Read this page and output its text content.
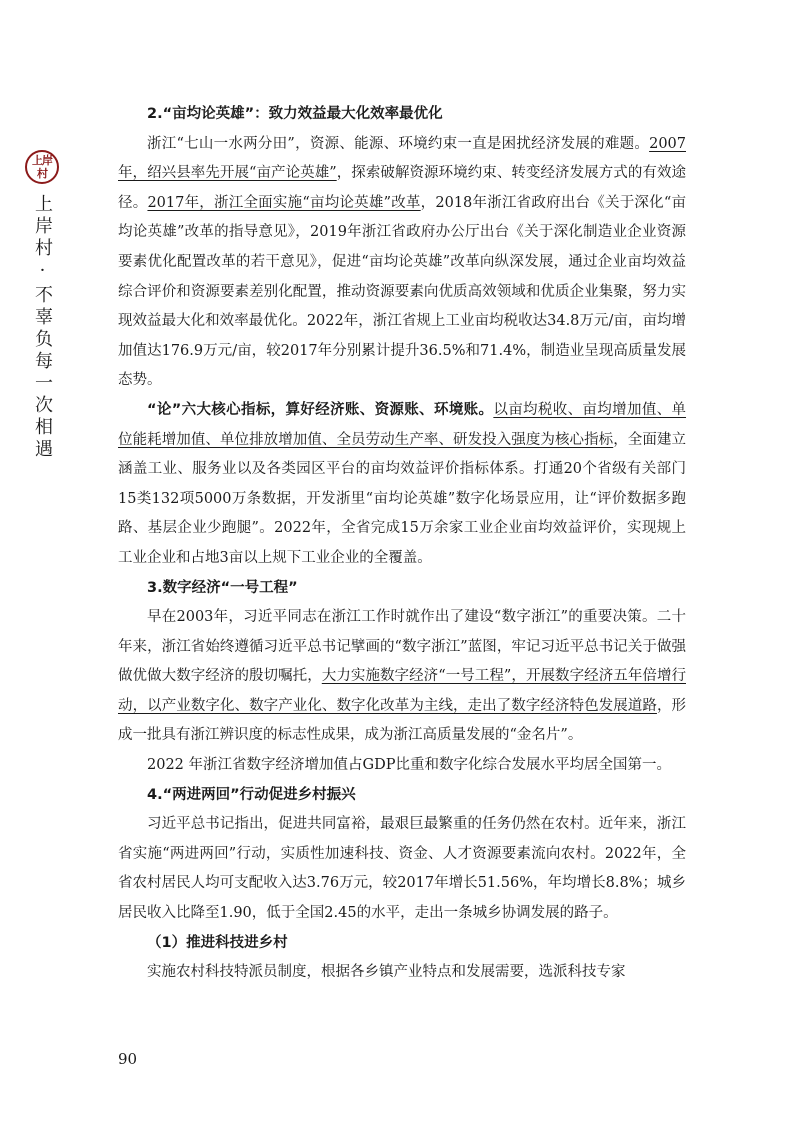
上岸村
上岸村·不辜负每一次相遇
2.“亩均论英雄”：致力效益最大化效率最优化

浙江“七山一水两分田”，资源、能源、环境约束一直是困扰经济发展的难题。2007年，绍兴县率先开展“亩产论英雄”，探索破解资源环境约束、转变经济发展方式的有效途径。2017年，浙江全面实施“亩均论英雄”改革，2018年浙江省政府出台《关于深化“亩均论英雄”改革的指导意见》，2019年浙江省政府办公厅出台《关于深化制造业企业资源要素优化配置改革的若干意见》，促进“亩均论英雄”改革向纵深发展，通过企业亩均效益综合评价和资源要素差别化配置，推动资源要素向优质高效领域和优质企业集聚，努力实现效益最大化和效率最优化。2022年，浙江省规上工业亩均税收达34.8万元/亩，亩均增加值达176.9万元/亩，较2017年分别累计提升36.5%和71.4%，制造业呈现高质量发展态势。

“论”六大核心指标，算好经济账、资源账、环境账。以亩均税收、亩均增加值、单位能耗增加值、单位排放增加值、全员劳动生产率、研发投入强度为核心指标，全面建立涵盖工业、服务业以及各类园区平台的亩均效益评价指标体系。打通20个省级有关部门15类132项5000万条数据，开发浙里“亩均论英雄”数字化场景应用，让“评价数据多跑路、基层企业少跑腿”。2022年，全省完成15万余家工业企业亩均效益评价，实现规上工业企业和占地3亩以上规下工业企业的全覆盖。

3.数字经济“一号工程”

早在2003年，习近平同志在浙江工作时就作出了建设“数字浙江”的重要决策。二十年来，浙江省始终遵循习近平总书记擘画的“数字浙江”蓝图，牢记习近平总书记关于做强做优做大数字经济的殷切嘱托，大力实施数字经济“一号工程”，开展数字经济五年倍增行动，以产业数字化、数字产业化、数字化改革为主线，走出了数字经济特色发展道路，形成一批具有浙江辨识度的标志性成果，成为浙江高质量发展的“金名片”。

2022 年浙江省数字经济增加值占GDP比重和数字化综合发展水平均居全国第一。

4.“两进两回”行动促进乡村振兴

习近平总书记指出，促进共同富裕，最艰巨最繁重的任务仍然在农村。近年来，浙江省实施“两进两回”行动，实质性加速科技、资金、人才资源要素流向农村。2022年，全省农村居民人均可支配收入达3.76万元，较2017年增长51.56%，年均增长8.8%；城乡居民收入比降至1.90，低于全国2.45的水平，走出一条城乡协调发展的路子。

（1）推进科技进乡村

实施农村科技特派员制度，根据各乡镇产业特点和发展需要，选派科技专家

90
